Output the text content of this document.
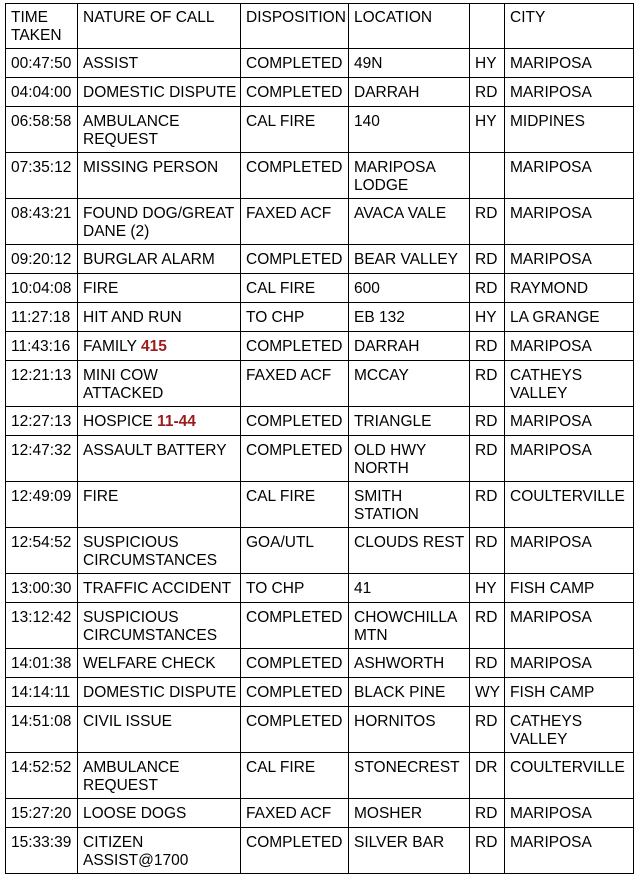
TIME TAKEN	NATURE OF CALL	DISPOSITION	LOCATION		CITY
00:47:50	ASSIST	COMPLETED	49N	HY	MARIPOSA
04:04:00	DOMESTIC DISPUTE	COMPLETED	DARRAH	RD	MARIPOSA
06:58:58	AMBULANCE REQUEST	CAL FIRE	140	HY	MIDPINES
07:35:12	MISSING PERSON	COMPLETED	MARIPOSA LODGE		MARIPOSA
08:43:21	FOUND DOG/GREAT DANE (2)	FAXED ACF	AVACA VALE	RD	MARIPOSA
09:20:12	BURGLAR ALARM	COMPLETED	BEAR VALLEY	RD	MARIPOSA
10:04:08	FIRE	CAL FIRE	600	RD	RAYMOND
11:27:18	HIT AND RUN	TO CHP	EB 132	HY	LA GRANGE
11:43:16	FAMILY 415	COMPLETED	DARRAH	RD	MARIPOSA
12:21:13	MINI COW ATTACKED	FAXED ACF	MCCAY	RD	CATHEYS VALLEY
12:27:13	HOSPICE 11-44	COMPLETED	TRIANGLE	RD	MARIPOSA
12:47:32	ASSAULT BATTERY	COMPLETED	OLD HWY NORTH	RD	MARIPOSA
12:49:09	FIRE	CAL FIRE	SMITH STATION	RD	COULTERVILLE
12:54:52	SUSPICIOUS CIRCUMSTANCES	GOA/UTL	CLOUDS REST	RD	MARIPOSA
13:00:30	TRAFFIC ACCIDENT	TO CHP	41	HY	FISH CAMP
13:12:42	SUSPICIOUS CIRCUMSTANCES	COMPLETED	CHOWCHILLA MTN	RD	MARIPOSA
14:01:38	WELFARE CHECK	COMPLETED	ASHWORTH	RD	MARIPOSA
14:14:11	DOMESTIC DISPUTE	COMPLETED	BLACK PINE	WY	FISH CAMP
14:51:08	CIVIL ISSUE	COMPLETED	HORNITOS	RD	CATHEYS VALLEY
14:52:52	AMBULANCE REQUEST	CAL FIRE	STONECREST	DR	COULTERVILLE
15:27:20	LOOSE DOGS	FAXED ACF	MOSHER	RD	MARIPOSA
15:33:39	CITIZEN ASSIST@1700	COMPLETED	SILVER BAR	RD	MARIPOSA
